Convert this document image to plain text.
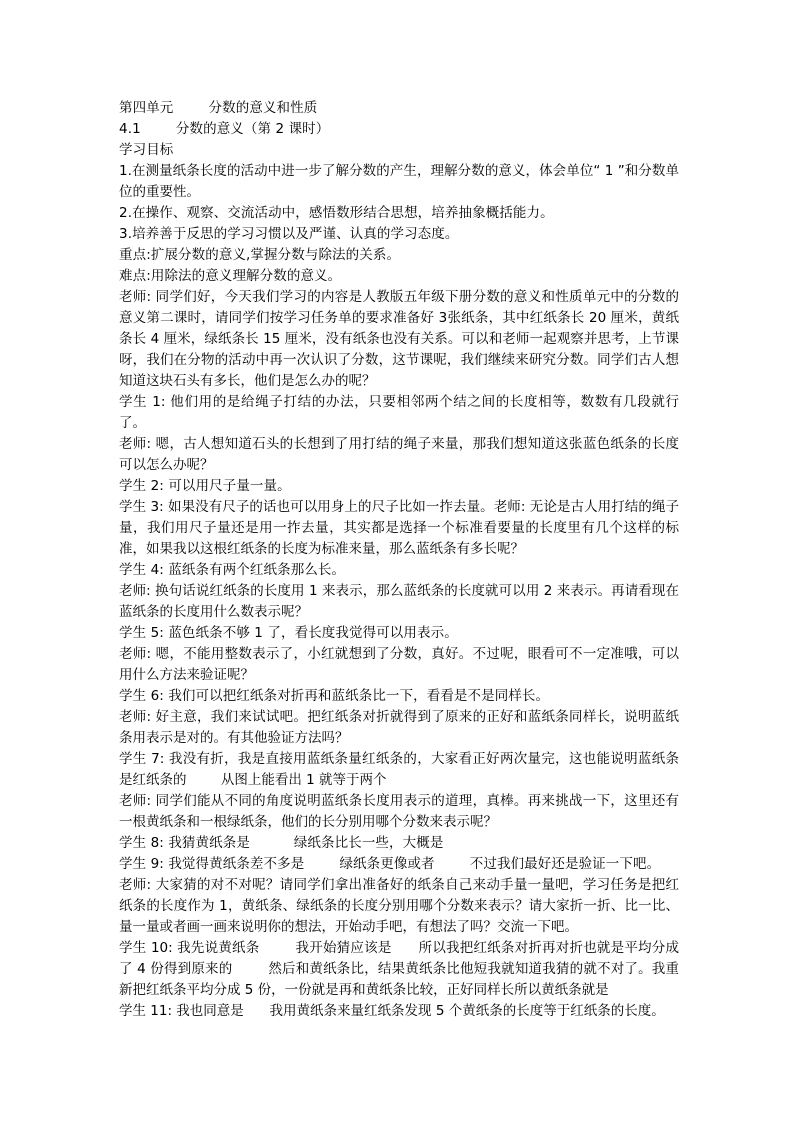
第四单元        分数的意义和性质
4.1        分数的意义（第 2 课时）
学习目标
1.在测量纸条长度的活动中进一步了解分数的产生，理解分数的意义，体会单位“ 1 ”和分数单位的重要性。
2.在操作、观察、交流活动中，感悟数形结合思想，培养抽象概括能力。
3.培养善于反思的学习习惯以及严谨、认真的学习态度。
重点:扩展分数的意义,掌握分数与除法的关系。
难点:用除法的意义理解分数的意义。
老师: 同学们好，今天我们学习的内容是人教版五年级下册分数的意义和性质单元中的分数的意义第二课时，请同学们按学习任务单的要求准备好 3张纸条，其中红纸条长 20 厘米，黄纸条长 4 厘米，绿纸条长 15 厘米，没有纸条也没有关系。可以和老师一起观察并思考，上节课呀，我们在分物的活动中再一次认识了分数，这节课呢，我们继续来研究分数。同学们古人想知道这块石头有多长，他们是怎么办的呢？
学生 1: 他们用的是给绳子打结的办法，只要相邻两个结之间的长度相等，数数有几段就行了。
老师: 嗯，古人想知道石头的长想到了用打结的绳子来量，那我们想知道这张蓝色纸条的长度可以怎么办呢？
学生 2: 可以用尺子量一量。
学生 3: 如果没有尺子的话也可以用身上的尺子比如一拃去量。老师: 无论是古人用打结的绳子量，我们用尺子量还是用一拃去量，其实都是选择一个标准看要量的长度里有几个这样的标准，如果我以这根红纸条的长度为标准来量，那么蓝纸条有多长呢？
学生 4: 蓝纸条有两个红纸条那么长。
老师: 换句话说红纸条的长度用 1 来表示，那么蓝纸条的长度就可以用 2 来表示。再请看现在蓝纸条的长度用什么数表示呢？
学生 5: 蓝色纸条不够 1 了，看长度我觉得可以用表示。
老师: 嗯，不能用整数表示了，小红就想到了分数，真好。不过呢，眼看可不一定准哦，可以用什么方法来验证呢？
学生 6: 我们可以把红纸条对折再和蓝纸条比一下，看看是不是同样长。
老师: 好主意，我们来试试吧。把红纸条对折就得到了原来的正好和蓝纸条同样长，说明蓝纸条用表示是对的。有其他验证方法吗？
学生 7: 我没有折，我是直接用蓝纸条量红纸条的，大家看正好两次量完，这也能说明蓝纸条是红纸条的        从图上能看出 1 就等于两个
老师: 同学们能从不同的角度说明蓝纸条长度用表示的道理，真棒。再来挑战一下，这里还有一根黄纸条和一根绿纸条，他们的长分别用哪个分数来表示呢？
学生 8: 我猜黄纸条是          绿纸条比长一些，大概是
学生 9: 我觉得黄纸条差不多是        绿纸条更像或者        不过我们最好还是验证一下吧。
老师: 大家猜的对不对呢？请同学们拿出准备好的纸条自己来动手量一量吧，学习任务是把红纸条的长度作为 1，黄纸条、绿纸条的长度分别用哪个分数来表示？请大家折一折、比一比、量一量或者画一画来说明你的想法，开始动手吧，有想法了吗？交流一下吧。
学生 10: 我先说黄纸条        我开始猜应该是      所以我把红纸条对折再对折也就是平均分成了 4 份得到原来的        然后和黄纸条比，结果黄纸条比他短我就知道我猜的就不对了。我重新把红纸条平均分成 5 份，一份就是再和黄纸条比较，正好同样长所以黄纸条就是
学生 11: 我也同意是      我用黄纸条来量红纸条发现 5 个黄纸条的长度等于红纸条的长度。
